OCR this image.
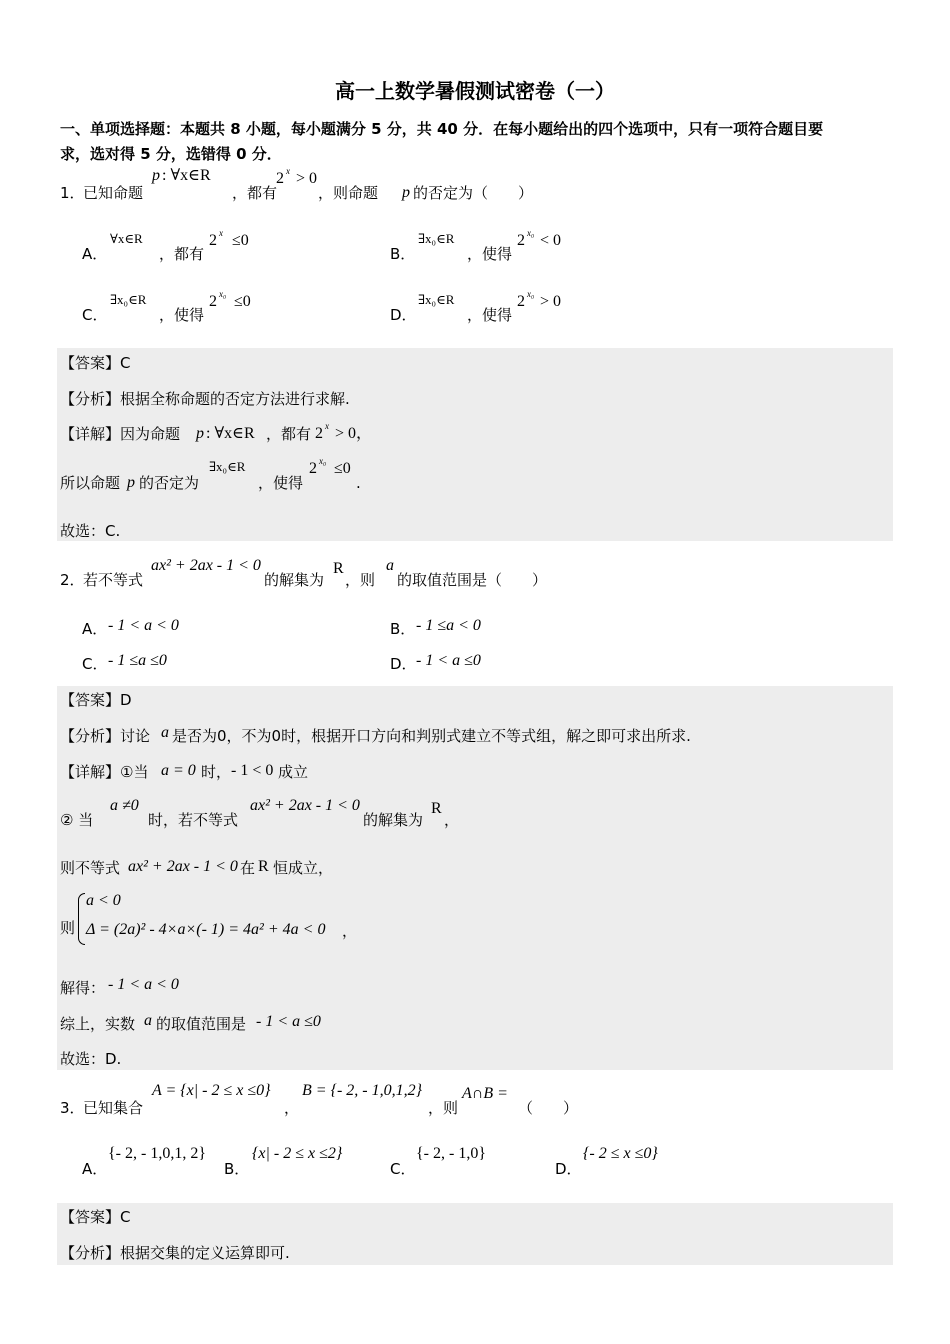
高一上数学暑假测试密卷（一）
一、单项选择题：本题共 8 小题，每小题满分 5 分，共 40 分．在每小题给出的四个选项中，只有一项符合题目要
求，选对得 5 分，选错得 0 分．
1．
已知命题
p : ∀x∈R
，都有
2 x > 0
，则命题 p 的否定为（　　）
A．
∀x∈R
，都有
2 x ≤0
B．
∃x₀∈R
，使得
2 x₀ < 0
C．
∃x₀∈R
，使得
2 x₀ ≤0
D．
∃x₀∈R
，使得
2 x₀ > 0
【答案】C
【分析】根据全称命题的否定方法进行求解.
【详解】因为命题 p : ∀x∈R ，都有 2 x > 0，
所以命题 p 的否定为
∃x₀∈R
，使得
2 x₀ ≤0
.
故选：C.
2．
若不等式
ax² + 2ax - 1 < 0
的解集为
R
，则
a
的取值范围是（　　）
A． - 1 < a < 0	B． - 1 ≤a < 0
C． - 1 ≤a ≤0	D． - 1 < a ≤0
【答案】D
【分析】讨论 a 是否为0，不为0时，根据开口方向和判别式建立不等式组，解之即可求出所求.
【详解】①当 a = 0 时， - 1 < 0 成立
② 当
a ≠0
时，若不等式
ax² + 2ax - 1 < 0
的解集为
R
，
则不等式 ax² + 2ax - 1 < 0 在 R 恒成立，
则
a < 0
Δ = (2a)² - 4×a×(- 1) = 4a² + 4a < 0 ，
解得： - 1 < a < 0
综上，实数 a 的取值范围是 - 1 < a ≤0
故选：D.
3．
已知集合
A = {x| - 2 ≤ x ≤0}
，
B = {- 2, - 1,0,1,2}
，则
A∩B =
（　　）
A．
{- 2, - 1,0,1, 2}
B．
{x| - 2 ≤ x ≤2}
C．
{- 2, - 1,0}
D．
{- 2 ≤ x ≤0}
【答案】C
【分析】根据交集的定义运算即可.
